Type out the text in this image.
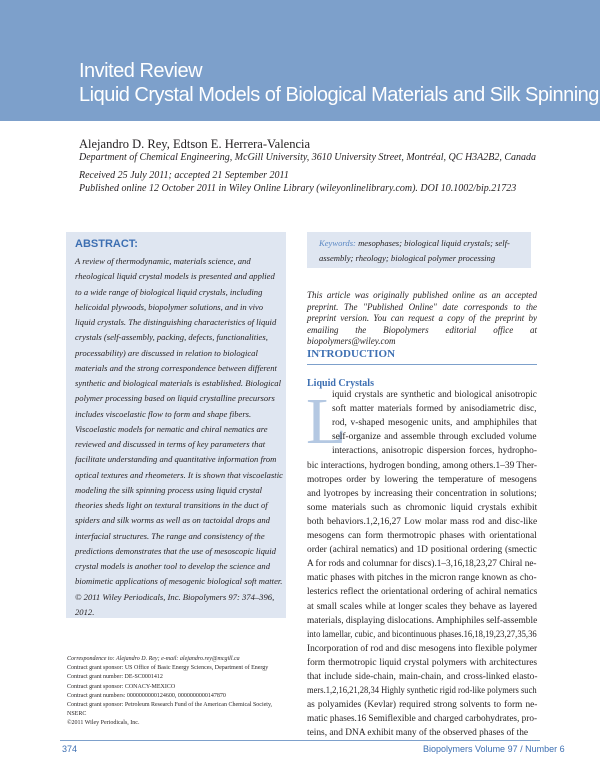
Invited Review
Liquid Crystal Models of Biological Materials and Silk Spinning
Alejandro D. Rey, Edtson E. Herrera-Valencia
Department of Chemical Engineering, McGill University, 3610 University Street, Montréal, QC H3A2B2, Canada
Received 25 July 2011; accepted 21 September 2011
Published online 12 October 2011 in Wiley Online Library (wileyonlinelibrary.com). DOI 10.1002/bip.21723
ABSTRACT:
A review of thermodynamic, materials science, and rheological liquid crystal models is presented and applied to a wide range of biological liquid crystals, including helicoidal plywoods, biopolymer solutions, and in vivo liquid crystals. The distinguishing characteristics of liquid crystals (self-assembly, packing, defects, functionalities, processability) are discussed in relation to biological materials and the strong correspondence between different synthetic and biological materials is established. Biological polymer processing based on liquid crystalline precursors includes viscoelastic flow to form and shape fibers. Viscoelastic models for nematic and chiral nematics are reviewed and discussed in terms of key parameters that facilitate understanding and quantitative information from optical textures and rheometers. It is shown that viscoelastic modeling the silk spinning process using liquid crystal theories sheds light on textural transitions in the duct of spiders and silk worms as well as on tactoidal drops and interfacial structures. The range and consistency of the predictions demonstrates that the use of mesoscopic liquid crystal models is another tool to develop the science and biomimetic applications of mesogenic biological soft matter. © 2011 Wiley Periodicals, Inc. Biopolymers 97: 374–396, 2012.
Keywords: mesophases; biological liquid crystals; self-assembly; rheology; biological polymer processing
This article was originally published online as an accepted preprint. The "Published Online" date corresponds to the preprint version. You can request a copy of the preprint by emailing the Biopolymers editorial office at biopolymers@wiley.com
INTRODUCTION
Liquid Crystals
L
iquid crystals are synthetic and biological anisotropic
soft matter materials formed by anisodiametric disc,
rod, v-shaped mesogenic units, and amphiphiles that
self-organize and assemble through excluded volume
interactions, anisotropic dispersion forces, hydropho-
bic interactions, hydrogen bonding, among others.1–39 Ther-
motropes order by lowering the temperature of mesogens
and lyotropes by increasing their concentration in solutions;
some materials such as chromonic liquid crystals exhibit
both behaviors.1,2,16,27 Low molar mass rod and disc-like
mesogens can form thermotropic phases with orientational
order (achiral nematics) and 1D positional ordering (smectic
A for rods and columnar for discs).1–3,16,18,23,27 Chiral ne-
matic phases with pitches in the micron range known as cho-
lesterics reflect the orientational ordering of achiral nematics
at small scales while at longer scales they behave as layered
materials, displaying dislocations. Amphiphiles self-assemble
into lamellar, cubic, and bicontinuous phases.16,18,19,23,27,35,36
Incorporation of rod and disc mesogens into flexible polymer
form thermotropic liquid crystal polymers with architectures
that include side-chain, main-chain, and cross-linked elasto-
mers.1,2,16,21,28,34 Highly synthetic rigid rod-like polymers such
as polyamides (Kevlar) required strong solvents to form ne-
matic phases.16 Semiflexible and charged carbohydrates, pro-
teins, and DNA exhibit many of the observed phases of the
Correspondence to: Alejandro D. Rey; e-mail: alejandro.rey@mcgill.ca
Contract grant sponsor: US Office of Basic Energy Sciences, Department of Energy
Contract grant number: DE-SC0001412
Contract grant sponsor: CONACY-MEXICO
Contract grant numbers: 0000000000124600, 0000000000147870
Contract grant sponsor: Petroleum Research Fund of the American Chemical Society, NSERC
©2011 Wiley Periodicals, Inc.
374	Biopolymers Volume 97 / Number 6
